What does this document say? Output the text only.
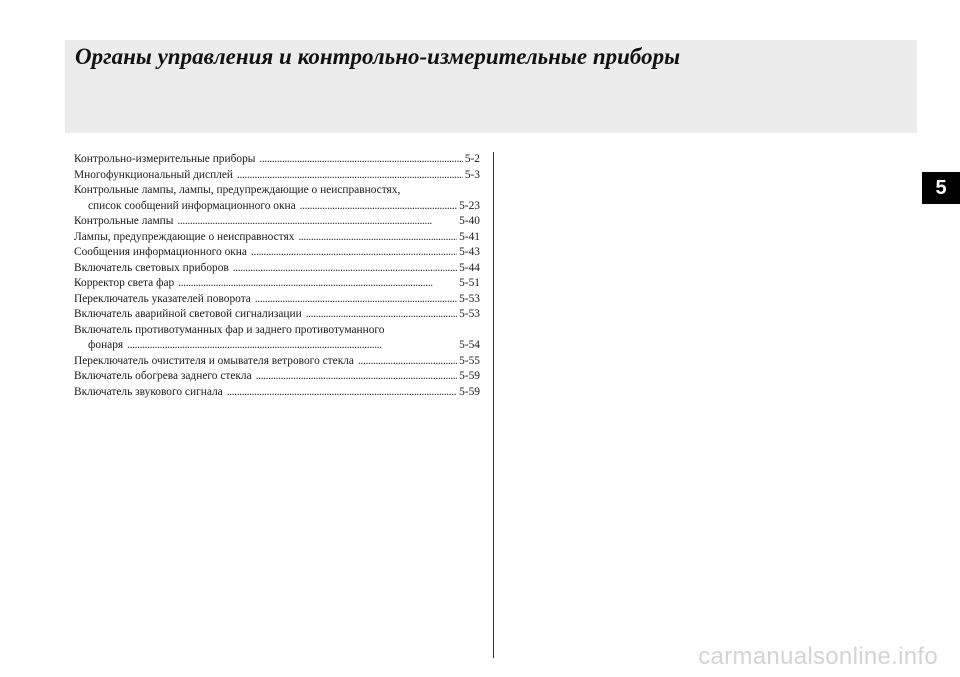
Органы управления и контрольно-измерительные приборы
5
Контрольно-измерительные приборы . . .	5-2
Многофункциональный дисплей . . .	5-3
Контрольные лампы, лампы, предупреждающие о неисправностях,
список сообщений информационного окна . . .	5-23
Контрольные лампы . . .	5-40
Лампы, предупреждающие о неисправностях . . .	5-41
Сообщения информационного окна . . .	5-43
Включатель световых приборов . . .	5-44
Корректор света фар . . .	5-51
Переключатель указателей поворота . . .	5-53
Включатель аварийной световой сигнализации . . .	5-53
Включатель противотуманных фар и заднего противотуманного
фонаря . . .	5-54
Переключатель очистителя и омывателя ветрового стекла . . .	5-55
Включатель обогрева заднего стекла . . .	5-59
Включатель звукового сигнала . . .	5-59
carmanualsonline.info
